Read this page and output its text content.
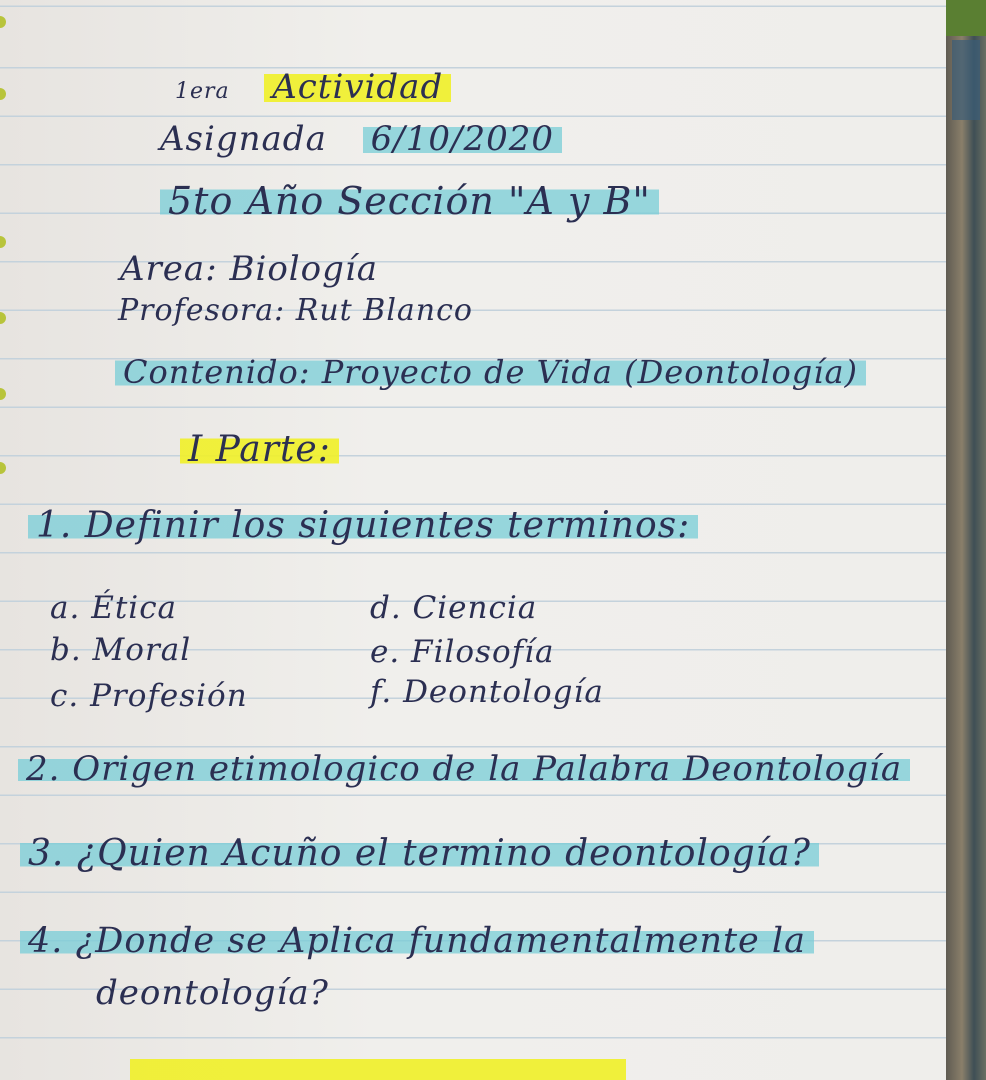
1era Actividad
Asignada 6/10/2020
5to Año Sección "A y B"
Area: Biología
Profesora: Rut Blanco
Contenido: Proyecto de Vida (Deontología)
I Parte:
1. Definir los siguientes terminos:
a. Ética
b. Moral
c. Profesión
d. Ciencia
e. Filosofía
f. Deontología
2. Origen etimologico de la Palabra Deontología
3. ¿Quien Acuño el termino deontología?
4. ¿Donde se Aplica fundamentalmente la
deontología?
